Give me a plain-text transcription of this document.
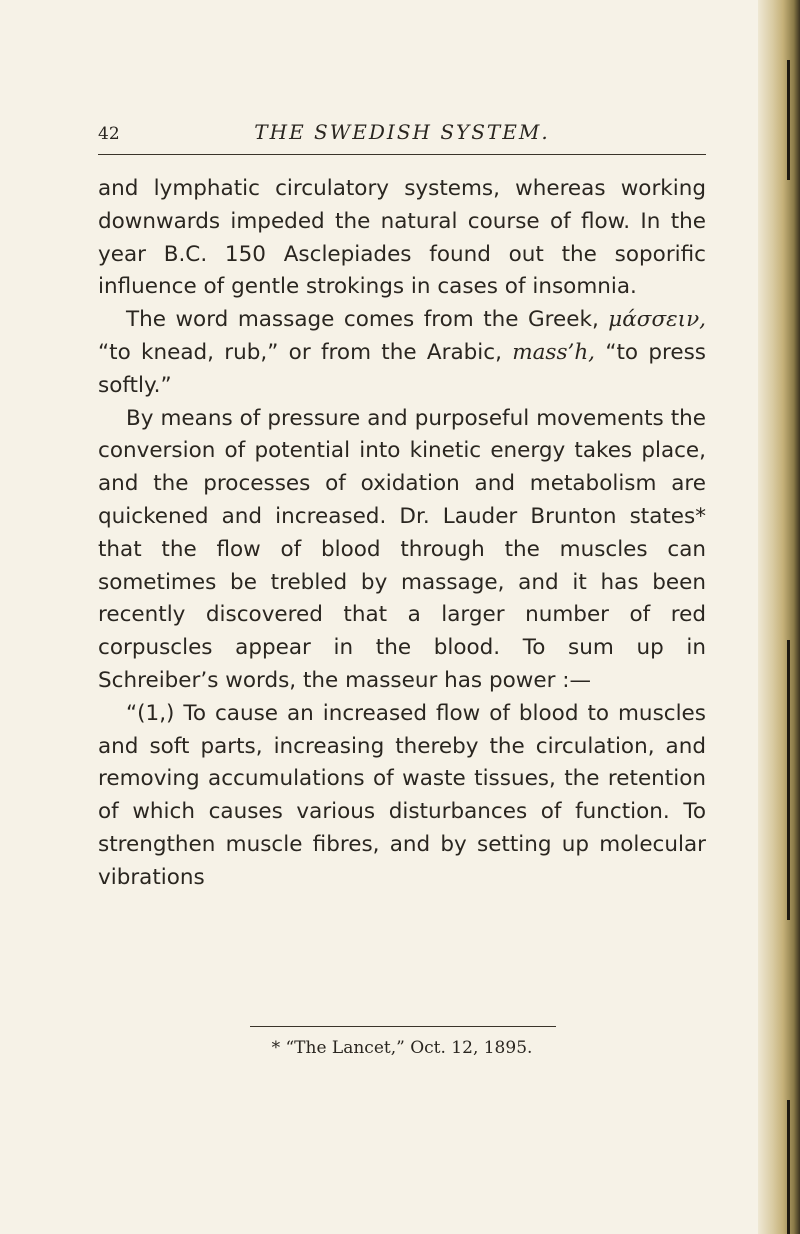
42	THE SWEDISH SYSTEM.

and lymphatic circulatory systems, whereas working downwards impeded the natural course of flow. In the year B.C. 150 Asclepiades found out the soporific influence of gentle strokings in cases of insomnia.

The word massage comes from the Greek, μάσσειν, “to knead, rub,” or from the Arabic, mass’h, “to press softly.”

By means of pressure and purposeful movements the conversion of potential into kinetic energy takes place, and the processes of oxidation and metabolism are quickened and increased. Dr. Lauder Brunton states* that the flow of blood through the muscles can sometimes be trebled by massage, and it has been recently discovered that a larger number of red corpuscles appear in the blood. To sum up in Schreiber’s words, the masseur has power :—

“(1,) To cause an increased flow of blood to muscles and soft parts, increasing thereby the circulation, and removing accumulations of waste tissues, the retention of which causes various disturbances of function. To strengthen muscle fibres, and by setting up molecular vibrations

* “The Lancet,” Oct. 12, 1895.
